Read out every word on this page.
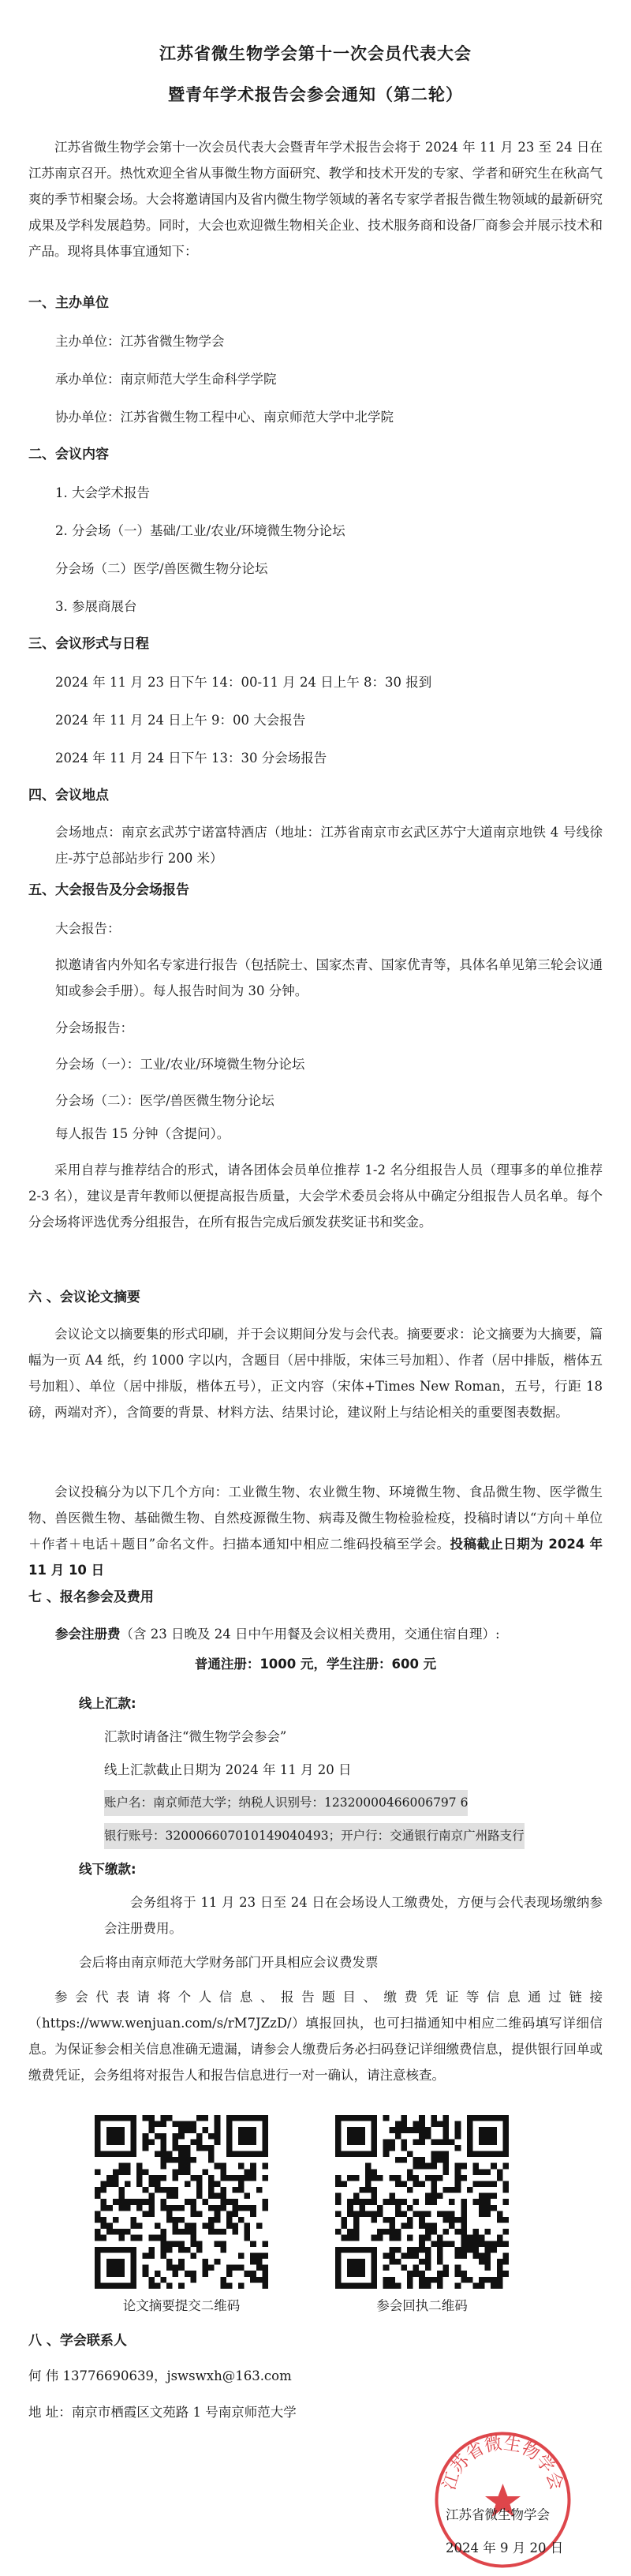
江苏省微生物学会第十一次会员代表大会
暨青年学术报告会参会通知（第二轮）

江苏省微生物学会第十一次会员代表大会暨青年学术报告会将于 2024 年 11 月 23 至 24 日在江苏南京召开。热忱欢迎全省从事微生物方面研究、教学和技术开发的专家、学者和研究生在秋高气爽的季节相聚会场。大会将邀请国内及省内微生物学领域的著名专家学者报告微生物领域的最新研究成果及学科发展趋势。同时，大会也欢迎微生物相关企业、技术服务商和设备厂商参会并展示技术和产品。现将具体事宜通知下：

一、主办单位
主办单位：江苏省微生物学会
承办单位：南京师范大学生命科学学院
协办单位：江苏省微生物工程中心、南京师范大学中北学院
二、会议内容
1. 大会学术报告
2. 分会场（一）基础/工业/农业/环境微生物分论坛
分会场（二）医学/兽医微生物分论坛
3. 参展商展台
三、会议形式与日程
2024 年 11 月 23 日下午 14：00-11 月 24 日上午 8：30 报到
2024 年 11 月 24 日上午 9：00 大会报告
2024 年 11 月 24 日下午 13：30 分会场报告
四、会议地点
会场地点：南京玄武苏宁诺富特酒店（地址：江苏省南京市玄武区苏宁大道南京地铁 4 号线徐庄-苏宁总部站步行 200 米）
五、大会报告及分会场报告
大会报告：
拟邀请省内外知名专家进行报告（包括院士、国家杰青、国家优青等，具体名单见第三轮会议通知或参会手册）。每人报告时间为 30 分钟。
分会场报告：
分会场（一）：工业/农业/环境微生物分论坛
分会场（二）：医学/兽医微生物分论坛
每人报告 15 分钟（含提问）。

采用自荐与推荐结合的形式，请各团体会员单位推荐 1-2 名分组报告人员（理事多的单位推荐 2-3 名），建议是青年教师以便提高报告质量，大会学术委员会将从中确定分组报告人员名单。每个分会场将评选优秀分组报告，在所有报告完成后颁发获奖证书和奖金。

六 、会议论文摘要

会议论文以摘要集的形式印刷，并于会议期间分发与会代表。摘要要求：论文摘要为大摘要，篇幅为一页 A4 纸，约 1000 字以内，含题目（居中排版，宋体三号加粗）、作者（居中排版，楷体五号加粗）、单位（居中排版，楷体五号），正文内容（宋体+Times New Roman，五号，行距 18 磅，两端对齐），含简要的背景、材料方法、结果讨论，建议附上与结论相关的重要图表数据。

会议投稿分为以下几个方向：工业微生物、农业微生物、环境微生物、食品微生物、医学微生物、兽医微生物、基础微生物、自然疫源微生物、病毒及微生物检验检疫，投稿时请以“方向＋单位＋作者＋电话＋题目”命名文件。扫描本通知中相应二维码投稿至学会。投稿截止日期为 2024 年 11 月 10 日

七 、报名参会及费用
参会注册费（含 23 日晚及 24 日中午用餐及会议相关费用，交通住宿自理）:
普通注册：1000 元，学生注册：600 元
线上汇款:
汇款时请备注“微生物学会参会”
线上汇款截止日期为 2024 年 11 月 20 日
账户名：南京师范大学；纳税人识别号：12320000466006797 6
银行账号：320006607010149040493；开户行：交通银行南京广州路支行
线下缴款:

会务组将于 11 月 23 日至 24 日在会场设人工缴费处，方便与会代表现场缴纳参会注册费用。

会后将由南京师范大学财务部门开具相应会议费发票

参会代表请将个人信息、报告题目、缴费凭证等信息通过链接（https://www.wenjuan.com/s/rM7JZzD/）填报回执，也可扫描通知中相应二维码填写详细信息。为保证参会相关信息准确无遗漏，请参会人缴费后务必扫码登记详细缴费信息，提供银行回单或缴费凭证，会务组将对报告人和报告信息进行一对一确认，请注意核查。

论文摘要提交二维码	参会回执二维码
八 、学会联系人
何 伟 13776690639，jswswxh@163.com
地 址：南京市栖霞区文苑路 1 号南京师范大学
江苏省微生物学会
江苏省微生物学会
2024 年 9 月 20 日
